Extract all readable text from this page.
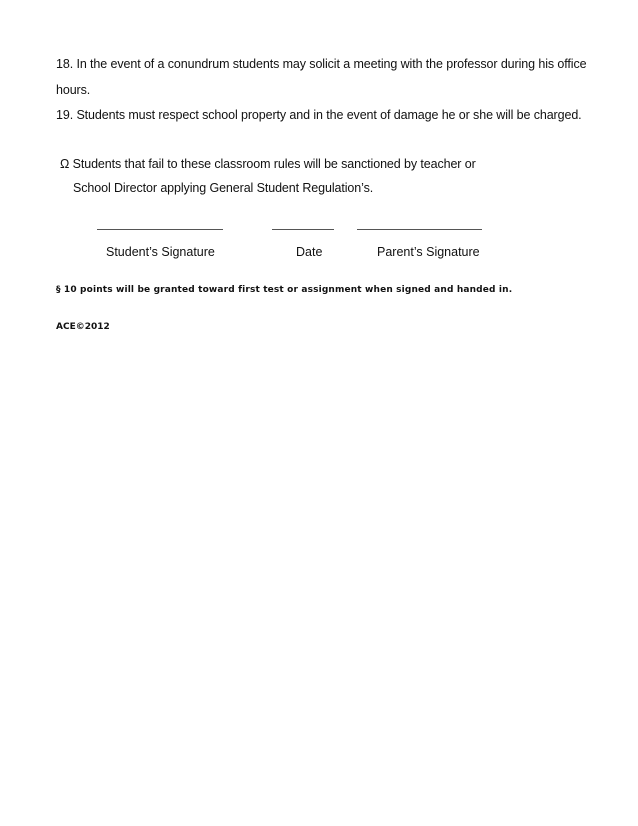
18. In the event of a conundrum students may solicit a meeting with the professor during his office
hours.
19. Students must respect school property and in the event of damage he or she will be charged.
Ω Students that fail to these classroom rules will be sanctioned by teacher or
School Director applying General Student Regulation’s.
Student’s Signature	Date	Parent’s Signature
§ 10 points will be granted toward first test or assignment when signed and handed in.
ACE©2012
